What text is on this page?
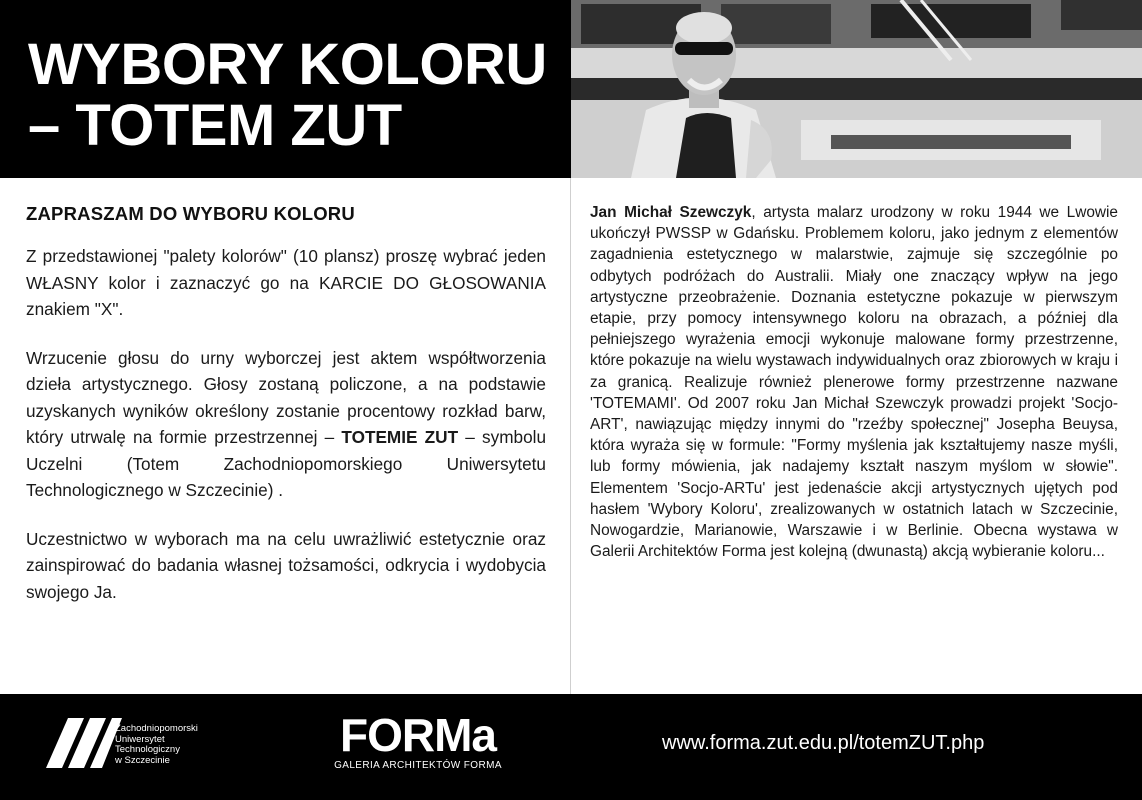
WYBORY KOLORU
– TOTEM ZUT
ZAPRASZAM DO WYBORU KOLORU

Z przedstawionej "palety kolorów" (10 plansz) proszę wybrać jeden WŁASNY kolor i zaznaczyć go na KARCIE DO GŁOSOWANIA znakiem "X".

Wrzucenie głosu do urny wyborczej jest aktem współtworzenia dzieła artystycznego. Głosy zostaną policzone, a na podstawie uzyskanych wyników określony zostanie procentowy rozkład barw, który utrwalę na formie przestrzennej – TOTEMIE ZUT – symbolu Uczelni (Totem Zachodniopomorskiego Uniwersytetu Technologicznego w Szczecinie) .

Uczestnictwo w wyborach ma na celu uwrażliwić estetycznie oraz zainspirować do badania własnej tożsamości, odkrycia i wydobycia swojego Ja.

Jan Michał Szewczyk, artysta malarz urodzony w roku 1944 we Lwowie ukończył PWSSP w Gdańsku. Problemem koloru, jako jednym z elementów zagadnienia estetycznego w malarstwie, zajmuje się szczególnie po odbytych podróżach do Australii. Miały one znaczący wpływ na jego artystyczne przeobrażenie. Doznania estetyczne pokazuje w pierwszym etapie, przy pomocy intensywnego koloru na obrazach, a później dla pełniejszego wyrażenia emocji wykonuje malowane formy przestrzenne, które pokazuje na wielu wystawach indywidualnych oraz zbiorowych w kraju i za granicą. Realizuje również plenerowe formy przestrzenne nazwane 'TOTEMAMI'. Od 2007 roku Jan Michał Szewczyk prowadzi projekt 'Socjo-ART', nawiązując między innymi do "rzeźby społecznej" Josepha Beuysa, która wyraża się w formule: "Formy myślenia jak kształtujemy nasze myśli, lub formy mówienia, jak nadajemy kształt naszym myślom w słowie". Elementem 'Socjo-ARTu' jest jedenaście akcji artystycznych ujętych pod hasłem 'Wybory Koloru', zrealizowanych w ostatnich latach w Szczecinie, Nowogardzie, Marianowie, Warszawie i w Berlinie. Obecna wystawa w Galerii Architektów Forma jest kolejną (dwunastą) akcją wybieranie koloru...

Zachodniopomorski
Uniwersytet
Technologiczny
w Szczecinie	FORMa
GALERIA ARCHITEKTÓW FORMA
www.forma.zut.edu.pl/totemZUT.php
